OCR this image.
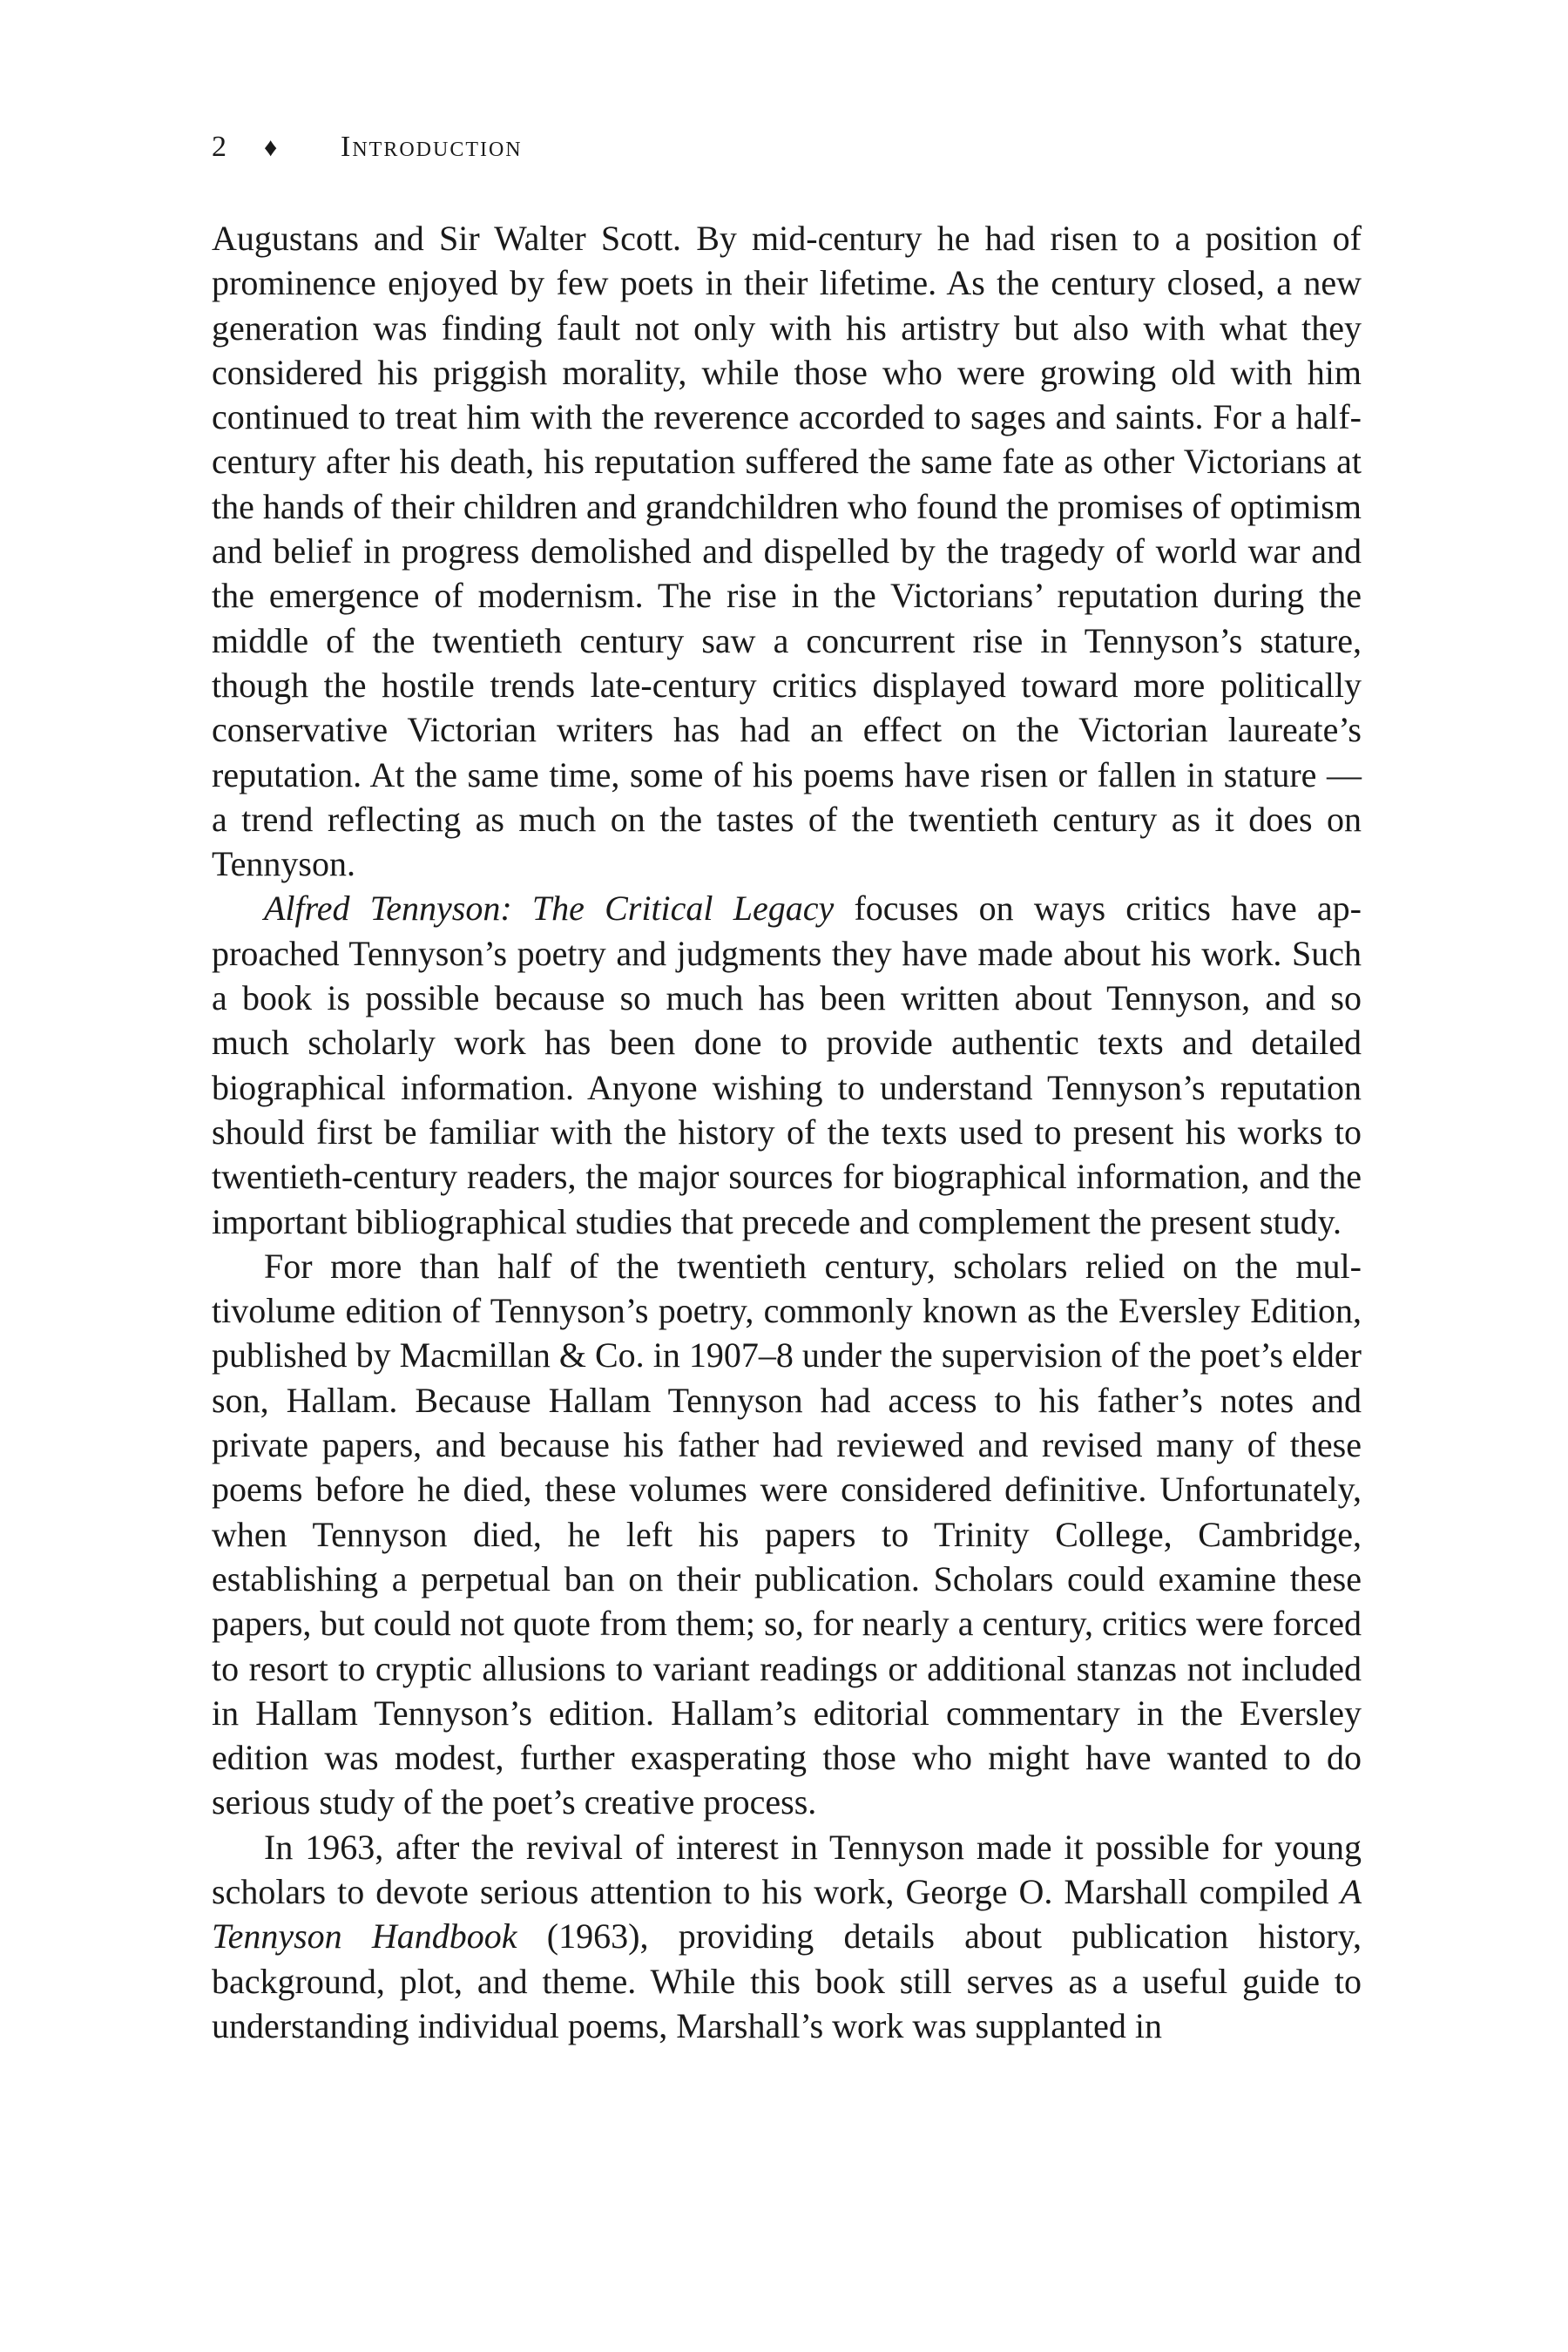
2	♦	Introduction

Augustans and Sir Walter Scott. By mid-century he had risen to a position of prominence enjoyed by few poets in their lifetime. As the century closed, a new generation was finding fault not only with his artistry but also with what they considered his priggish morality, while those who were growing old with him continued to treat him with the reverence accorded to sages and saints. For a half-century after his death, his reputation suffered the same fate as other Victorians at the hands of their children and grandchildren who found the promises of optimism and belief in progress demolished and dispelled by the tragedy of world war and the emergence of modernism. The rise in the Victorians’ reputation during the middle of the twentieth century saw a concurrent rise in Tennyson’s stature, though the hostile trends late-century critics displayed toward more politically conservative Victorian writers has had an effect on the Victorian laureate’s reputation. At the same time, some of his poems have risen or fallen in stature — a trend reflecting as much on the tastes of the twentieth century as it does on Tennyson.

Alfred Tennyson: The Critical Legacy focuses on ways critics have approached Tennyson’s poetry and judgments they have made about his work. Such a book is possible because so much has been written about Tennyson, and so much scholarly work has been done to provide authentic texts and detailed biographical information. Anyone wishing to understand Tennyson’s reputation should first be familiar with the history of the texts used to present his works to twentieth-century readers, the major sources for biographical information, and the important bibliographical studies that precede and complement the present study.

For more than half of the twentieth century, scholars relied on the multivolume edition of Tennyson’s poetry, commonly known as the Eversley Edition, published by Macmillan & Co. in 1907–8 under the supervision of the poet’s elder son, Hallam. Because Hallam Tennyson had access to his father’s notes and private papers, and because his father had reviewed and revised many of these poems before he died, these volumes were considered definitive. Unfortunately, when Tennyson died, he left his papers to Trinity College, Cambridge, establishing a perpetual ban on their publication. Scholars could examine these papers, but could not quote from them; so, for nearly a century, critics were forced to resort to cryptic allusions to variant readings or additional stanzas not included in Hallam Tennyson’s edition. Hallam’s editorial commentary in the Eversley edition was modest, further exasperating those who might have wanted to do serious study of the poet’s creative process.

In 1963, after the revival of interest in Tennyson made it possible for young scholars to devote serious attention to his work, George O. Marshall compiled A Tennyson Handbook (1963), providing details about publication history, background, plot, and theme. While this book still serves as a useful guide to understanding individual poems, Marshall’s work was supplanted in
